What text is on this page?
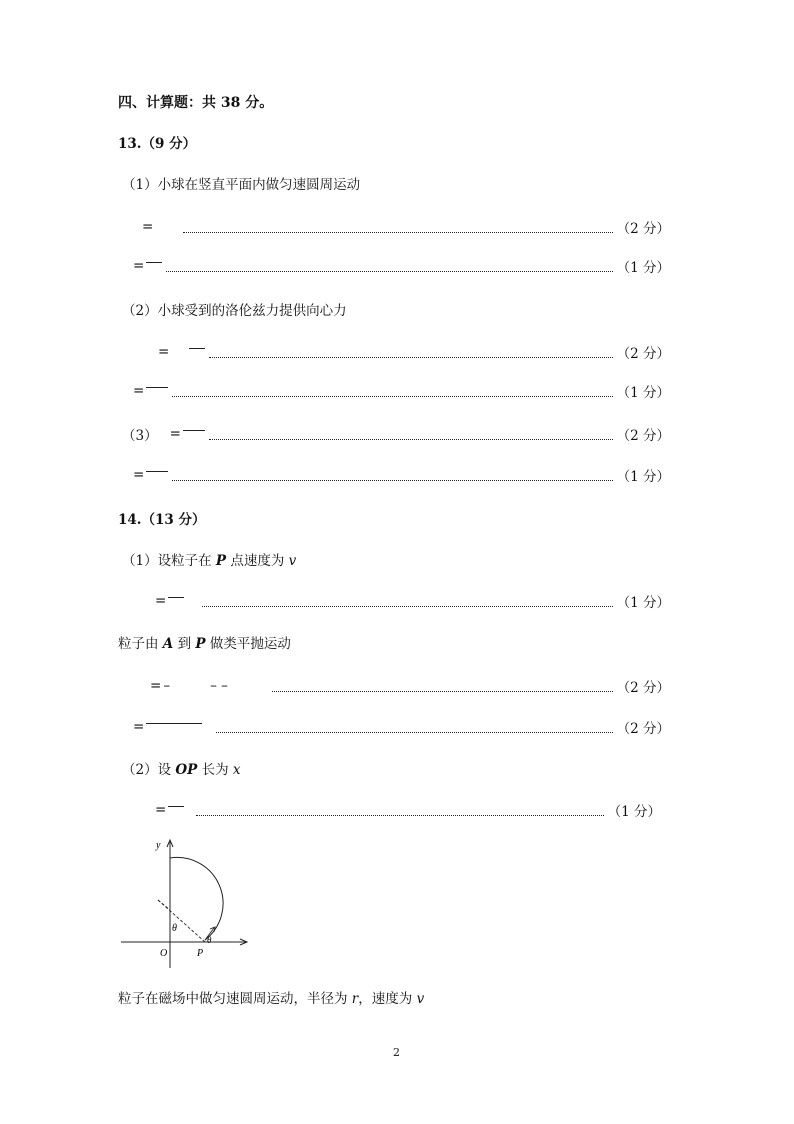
四、计算题：共 38 分。
13.（9 分）
（1）小球在竖直平面内做匀速圆周运动
=	（2 分）
=	（1 分）
（2）小球受到的洛伦兹力提供向心力
=	（2 分）
=	（1 分）
（3） =	（2 分）
=	（1 分）
14.（13 分）
（1）设粒子在 P 点速度为 v
=	（1 分）
粒子由 A 到 P 做类平抛运动
= –	– –	（2 分）
=	（2 分）
（2）设 OP 长为 x
=	（1 分）
y
O	P
θ
θ
粒子在磁场中做匀速圆周运动，半径为 r，速度为 v
2
